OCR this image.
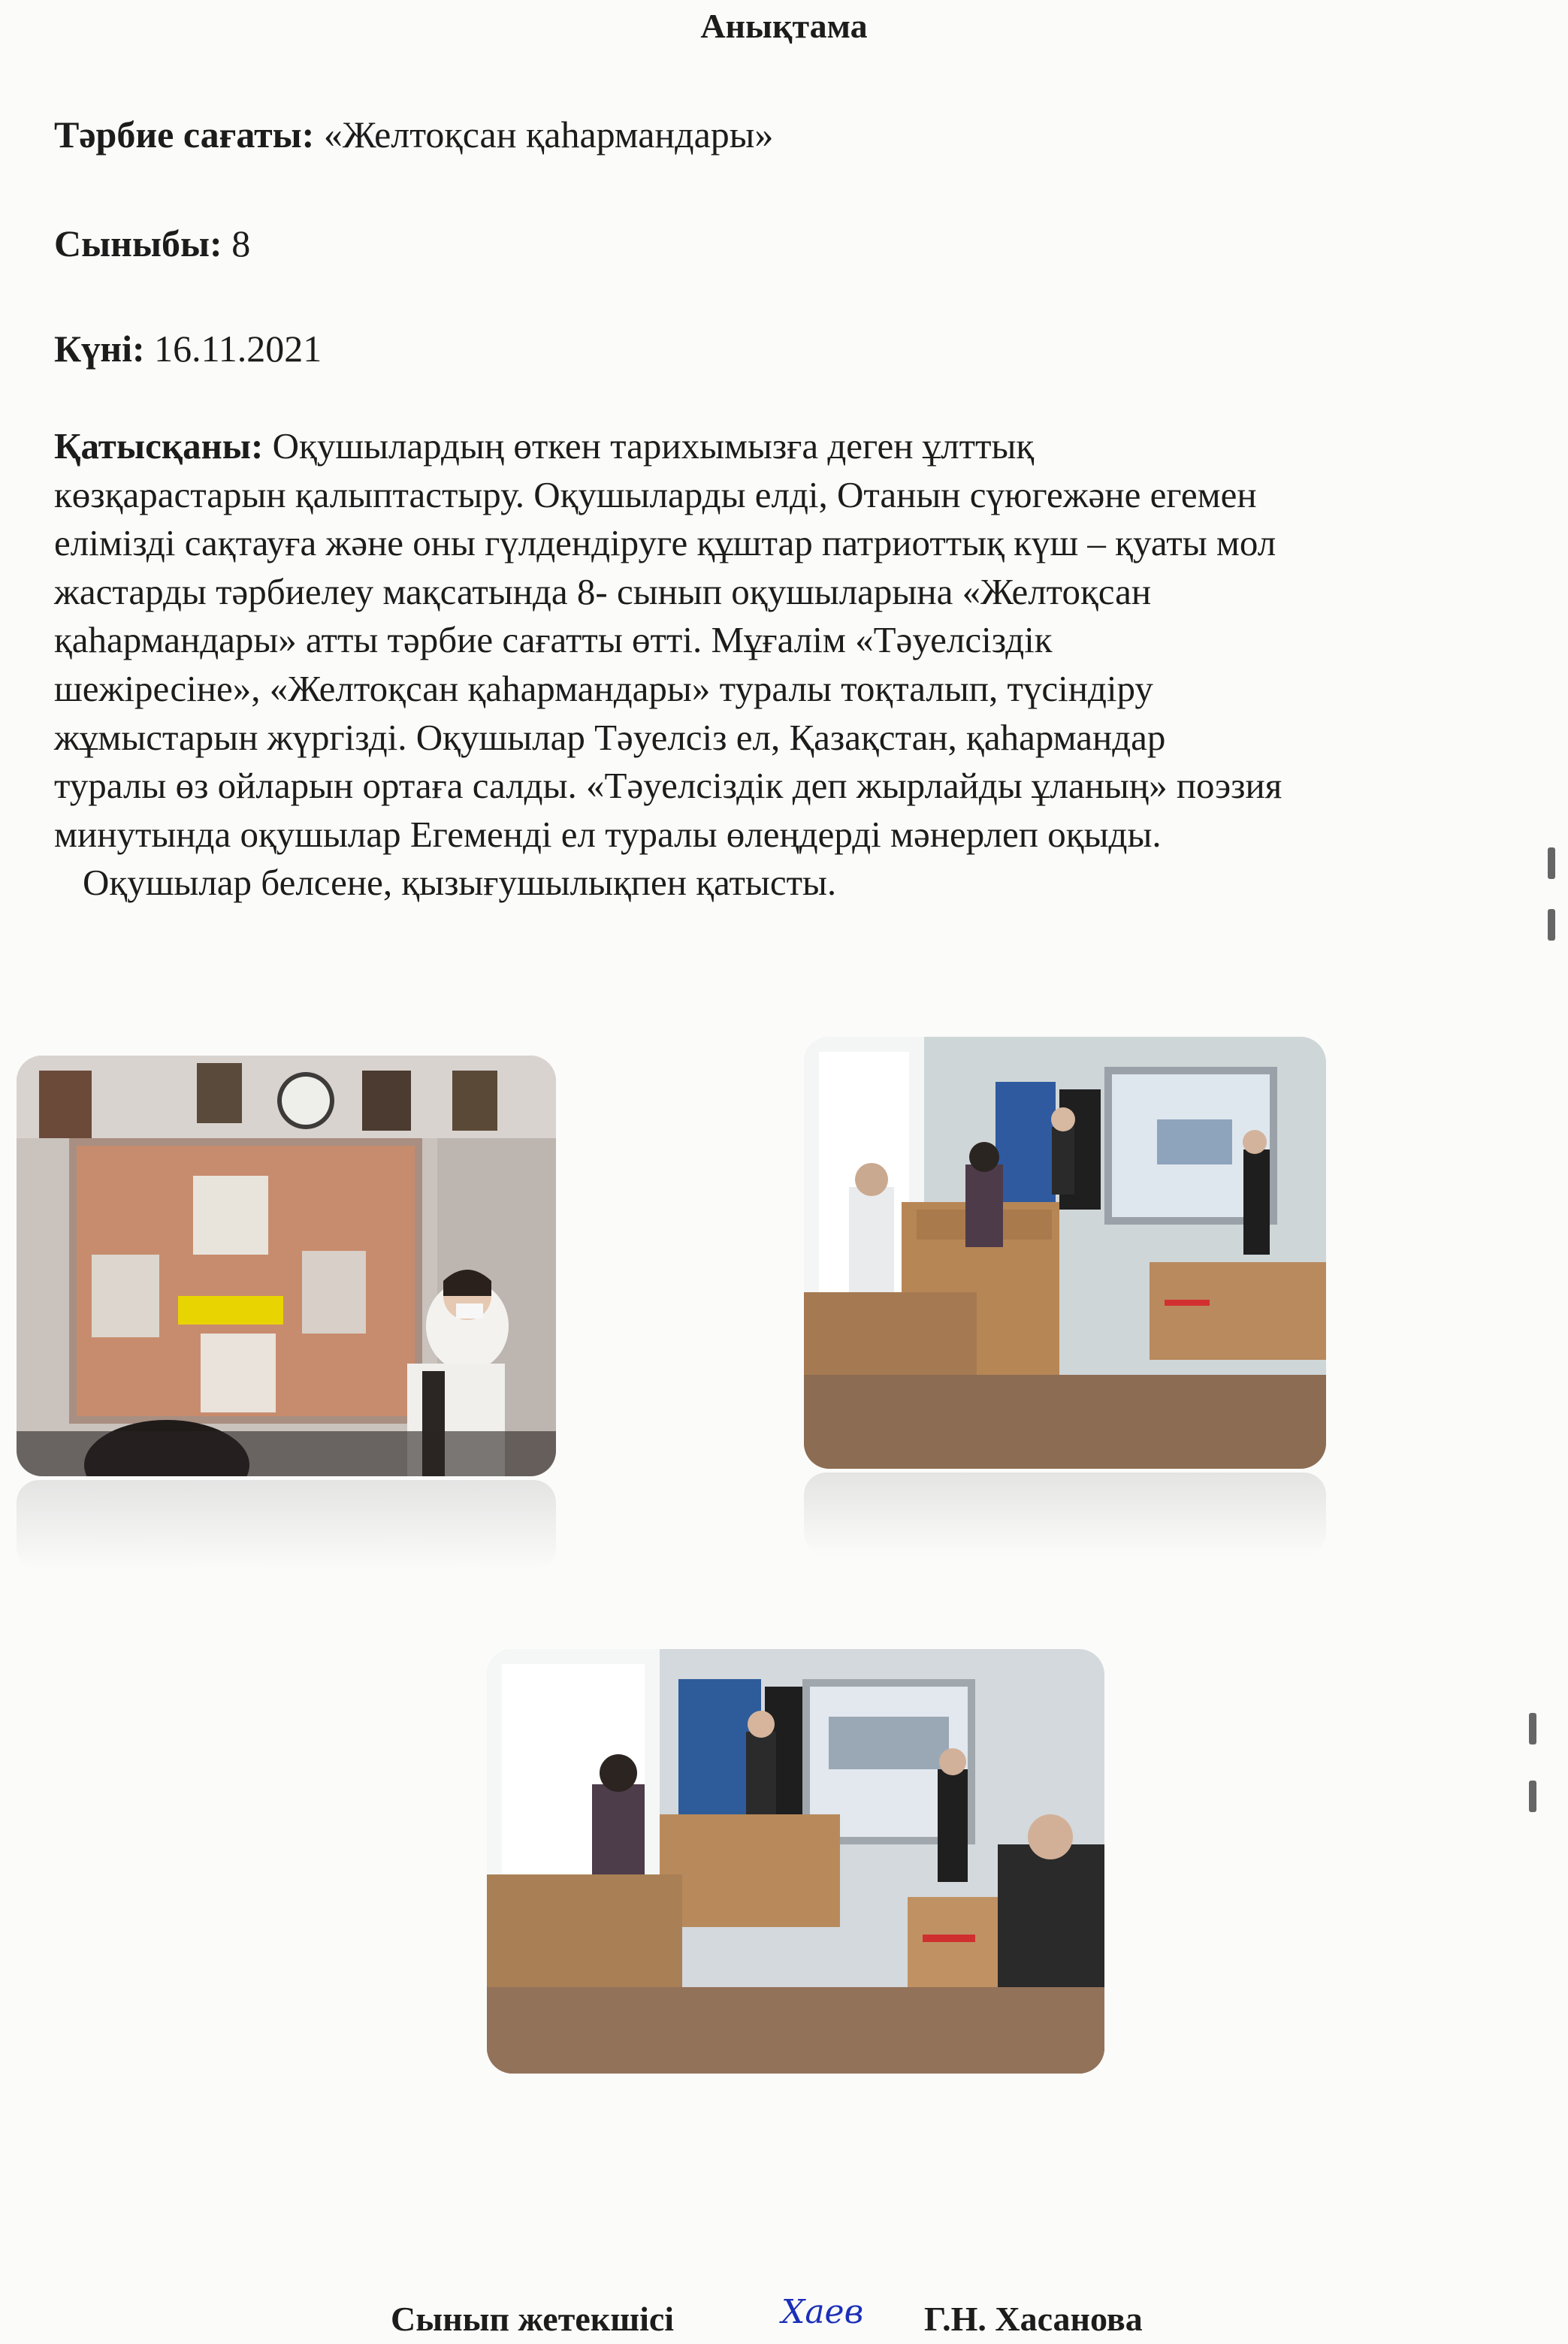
Анықтама
Тәрбие сағаты: «Желтоқсан қаһармандары»
Сыныбы: 8
Күні: 16.11.2021
Қатысқаны: Оқушылардың өткен тарихымызға деген ұлттық
көзқарастарын қалыптастыру. Оқушыларды елді, Отанын сүюгежәне егемен
елімізді сақтауға және оны гүлдендіруге құштар патриоттық күш – қуаты мол
жастарды тәрбиелеу мақсатында 8- сынып оқушыларына «Желтоқсан
қаһармандары» атты тәрбие сағатты өтті. Мұғалім «Тәуелсіздік
шежіресіне», «Желтоқсан қаһармандары» туралы тоқталып, түсіндіру
жұмыстарын жүргізді. Оқушылар Тәуелсіз ел, Қазақстан, қаһармандар
туралы өз ойларын ортаға салды. «Тәуелсіздік деп жырлайды ұланың» поэзия
минутында оқушылар Егеменді ел туралы өлеңдерді мәнерлеп оқыды.
Оқушылар белсене, қызығушылықпен қатысты.
Сынып жетекшісі	Хаев Г.Н. Хасанова
